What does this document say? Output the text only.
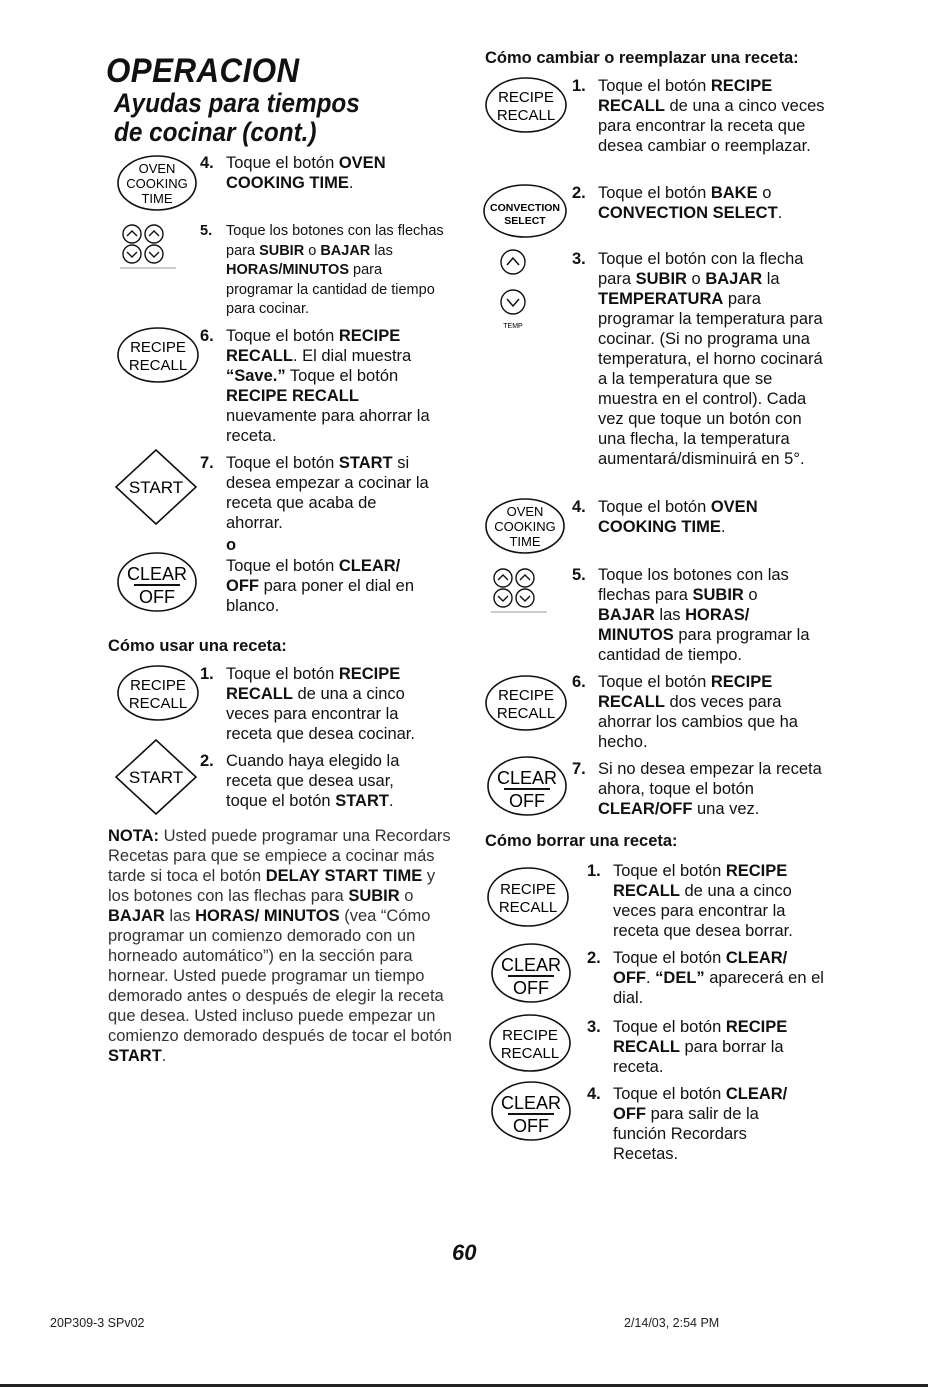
OPERACION
Ayudas para tiempos
de cocinar (cont.)
OVEN
COOKING
TIME
RECIPE
RECALL
START
CLEAR
OFF
RECIPE
RECALL
START
4. Toque el botón OVEN COOKING TIME.
5. Toque los botones con las flechas para SUBIR o BAJAR las HORAS/MINUTOS para programar la cantidad de tiempo para cocinar.
6. Toque el botón RECIPE RECALL. El dial muestra “Save.” Toque el botón RECIPE RECALL nuevamente para ahorrar la receta.
7. Toque el botón START si desea empezar a cocinar la receta que acaba de ahorrar.
o
Toque el botón CLEAR/ OFF para poner el dial en blanco.
Cómo usar una receta:
1. Toque el botón RECIPE RECALL de una a cinco veces para encontrar la receta que desea cocinar.
2. Cuando haya elegido la receta que desea usar, toque el botón START.
NOTA: Usted puede programar una Recordars Recetas para que se empiece a cocinar más tarde si toca el botón DELAY START TIME y los botones con las flechas para SUBIR o BAJAR las HORAS/ MINUTOS (vea “Cómo programar un comienzo demorado con un horneado automático”) en la sección para hornear. Usted puede programar un tiempo demorado antes o después de elegir la receta que desea. Usted incluso puede empezar un comienzo demorado después de tocar el botón START.
Cómo cambiar o reemplazar una receta:
RECIPE
RECALL
CONVECTION
SELECT
TEMP
OVEN
COOKING
TIME
RECIPE
RECALL
CLEAR
OFF
1. Toque el botón RECIPE RECALL de una a cinco veces para encontrar la receta que desea cambiar o reemplazar.
2. Toque el botón BAKE o CONVECTION SELECT.
3. Toque el botón con la flecha para SUBIR o BAJAR la TEMPERATURA para programar la temperatura para cocinar. (Si no programa una temperatura, el horno cocinará a la temperatura que se muestra en el control). Cada vez que toque un botón con una flecha, la temperatura aumentará/disminuirá en 5°.
4. Toque el botón OVEN COOKING TIME.
5. Toque los botones con las flechas para SUBIR o BAJAR las HORAS/ MINUTOS para programar la cantidad de tiempo.
6. Toque el botón RECIPE RECALL dos veces para ahorrar los cambios que ha hecho.
7. Si no desea empezar la receta ahora, toque el botón CLEAR/OFF una vez.
Cómo borrar una receta:
RECIPE
RECALL
CLEAR
OFF
RECIPE
RECALL
CLEAR
OFF
1. Toque el botón RECIPE RECALL de una a cinco veces para encontrar la receta que desea borrar.
2. Toque el botón CLEAR/ OFF. “DEL” aparecerá en el dial.
3. Toque el botón RECIPE RECALL para borrar la receta.
4. Toque el botón CLEAR/ OFF para salir de la función Recordars Recetas.
60
20P309-3 SPv02	2/14/03, 2:54 PM
